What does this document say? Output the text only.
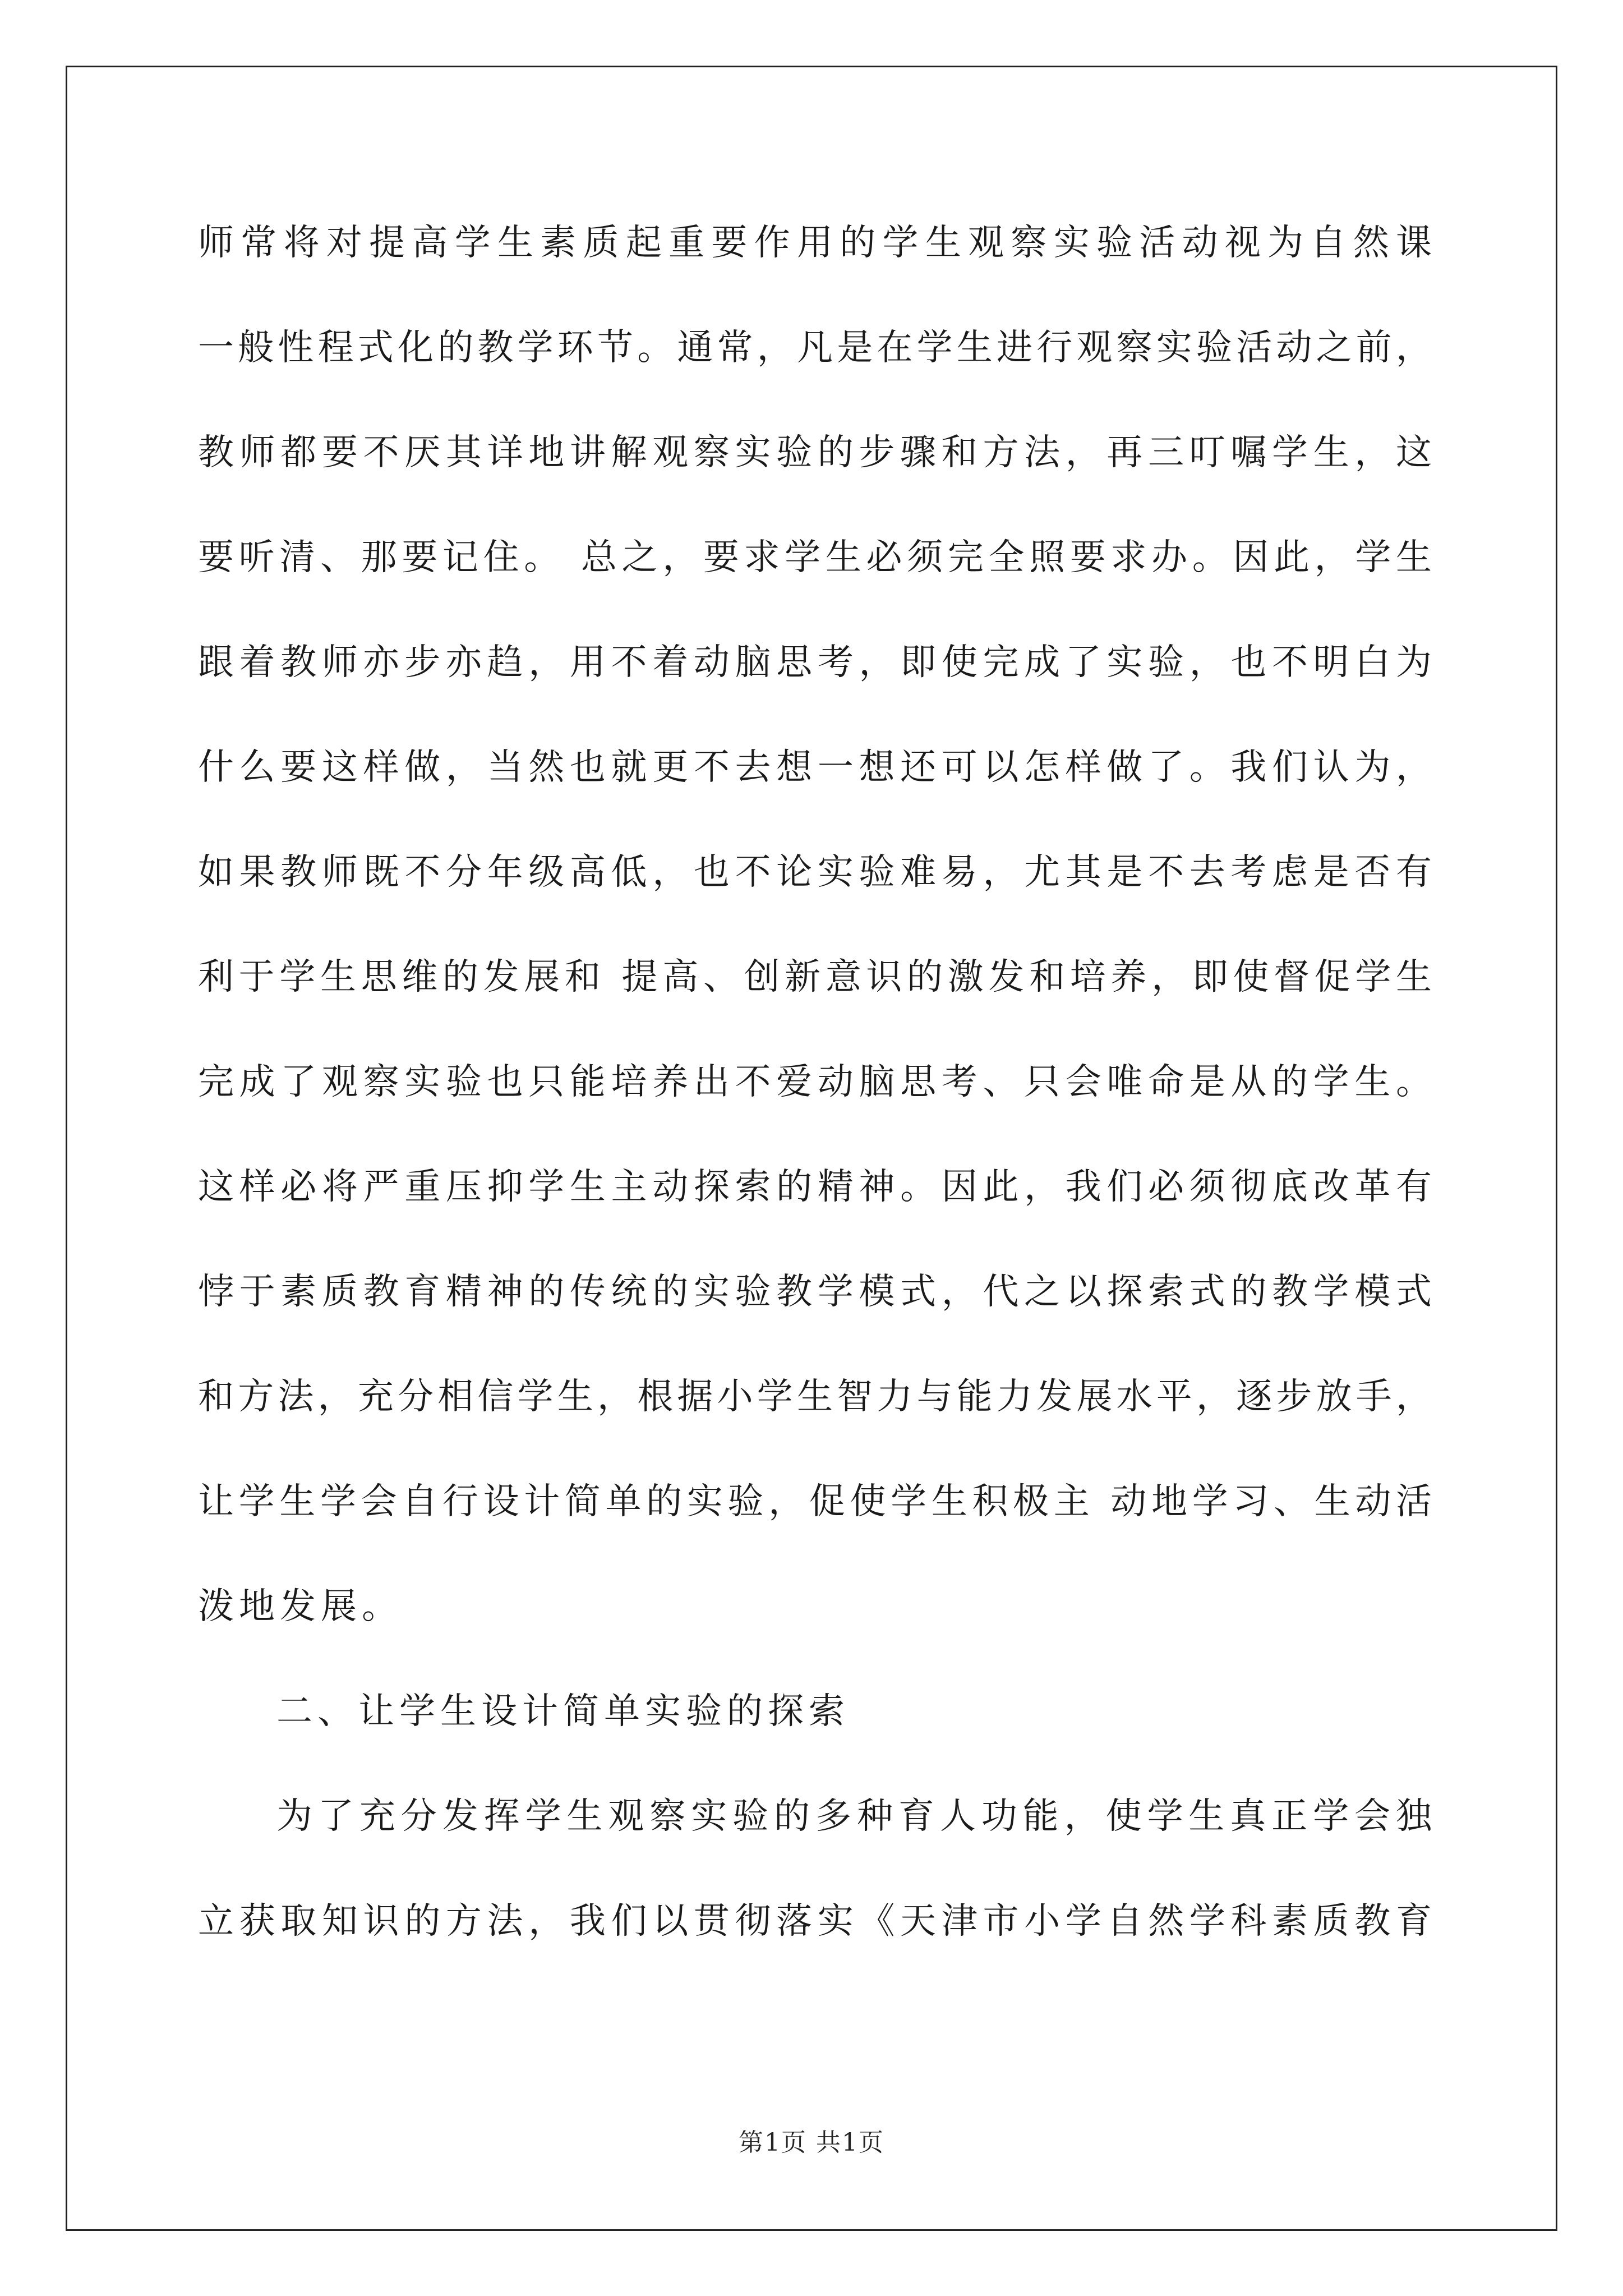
师常将对提高学生素质起重要作用的学生观察实验活动视为自然课
一般性程式化的教学环节。通常，凡是在学生进行观察实验活动之前，
教师都要不厌其详地讲解观察实验的步骤和方法，再三叮嘱学生，这
要听清、那要记住。 总之，要求学生必须完全照要求办。因此，学生
跟着教师亦步亦趋，用不着动脑思考，即使完成了实验，也不明白为
什么要这样做，当然也就更不去想一想还可以怎样做了。我们认为，
如果教师既不分年级高低，也不论实验难易，尤其是不去考虑是否有
利于学生思维的发展和 提高、创新意识的激发和培养，即使督促学生
完成了观察实验也只能培养出不爱动脑思考、只会唯命是从的学生。
这样必将严重压抑学生主动探索的精神。因此，我们必须彻底改革有
悖于素质教育精神的传统的实验教学模式，代之以探索式的教学模式
和方法，充分相信学生，根据小学生智力与能力发展水平，逐步放手，
让学生学会自行设计简单的实验，促使学生积极主 动地学习、生动活
泼地发展。
二、让学生设计简单实验的探索
为了充分发挥学生观察实验的多种育人功能，使学生真正学会独
立获取知识的方法，我们以贯彻落实《天津市小学自然学科素质教育
第1页 共1页
